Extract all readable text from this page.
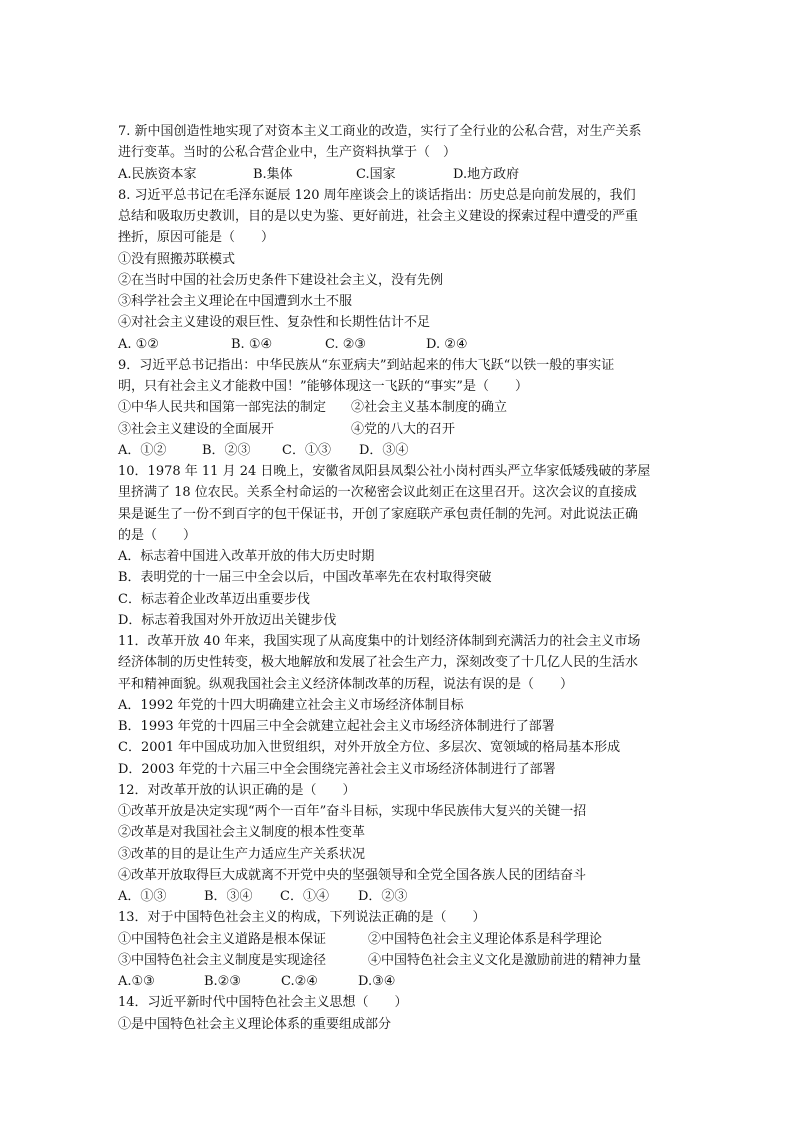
7. 新中国创造性地实现了对资本主义工商业的改造，实行了全行业的公私合营，对生产关系
进行变革。当时的公私合营企业中，生产资料执掌于（　）
A.民族资本家	B.集体	C.国家	D.地方政府
8. 习近平总书记在毛泽东诞辰 120 周年座谈会上的谈话指出：历史总是向前发展的，我们
总结和吸取历史教训，目的是以史为鉴、更好前进，社会主义建设的探索过程中遭受的严重
挫折，原因可能是（　　）
①没有照搬苏联模式
②在当时中国的社会历史条件下建设社会主义，没有先例
③科学社会主义理论在中国遭到水土不服
④对社会主义建设的艰巨性、复杂性和长期性估计不足
A. ①②	B. ①④	C. ②③	D. ②④
9．习近平总书记指出：中华民族从“东亚病夫”到站起来的伟大飞跃“以铁一般的事实证
明，只有社会主义才能救中国！”能够体现这一飞跃的“事实”是（　　）
①中华人民共和国第一部宪法的制定	②社会主义基本制度的确立
③社会主义建设的全面展开	④党的八大的召开
A．①②	B．②③ C．①③ D．③④
10．1978 年 11 月 24 日晚上，安徽省凤阳县凤梨公社小岗村西头严立华家低矮残破的茅屋
里挤满了 18 位农民。关系全村命运的一次秘密会议此刻正在这里召开。这次会议的直接成
果是诞生了一份不到百字的包干保证书，开创了家庭联产承包责任制的先河。对此说法正确
的是（　　）
A．标志着中国进入改革开放的伟大历史时期
B．表明党的十一届三中全会以后，中国改革率先在农村取得突破
C．标志着企业改革迈出重要步伐
D．标志着我国对外开放迈出关键步伐
11．改革开放 40 年来，我国实现了从高度集中的计划经济体制到充满活力的社会主义市场
经济体制的历史性转变，极大地解放和发展了社会生产力，深刻改变了十几亿人民的生活水
平和精神面貌。纵观我国社会主义经济体制改革的历程，说法有误的是（　　）
A．1992 年党的十四大明确建立社会主义市场经济体制目标
B．1993 年党的十四届三中全会就建立起社会主义市场经济体制进行了部署
C．2001 年中国成功加入世贸组织，对外开放全方位、多层次、宽领域的格局基本形成
D．2003 年党的十六届三中全会围绕完善社会主义市场经济体制进行了部署
12．对改革开放的认识正确的是（　　）
①改革开放是决定实现“两个一百年”奋斗目标，实现中华民族伟大复兴的关键一招
②改革是对我国社会主义制度的根本性变革
③改革的目的是让生产力适应生产关系状况
④改革开放取得巨大成就离不开党中央的坚强领导和全党全国各族人民的团结奋斗
A．①③	B．③④ C．①④ D．②③
13．对于中国特色社会主义的构成，下列说法正确的是（　　）
①中国特色社会主义道路是根本保证	②中国特色社会主义理论体系是科学理论
③中国特色社会主义制度是实现途径	④中国特色社会主义文化是激励前进的精神力量
A.①③	B.②③	C.②④	D.③④
14．习近平新时代中国特色社会主义思想（　　）
①是中国特色社会主义理论体系的重要组成部分
